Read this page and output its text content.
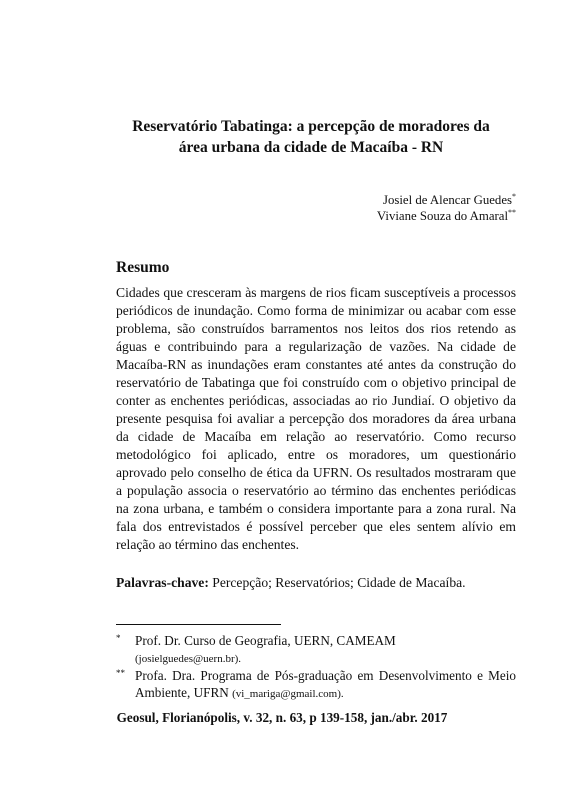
Reservatório Tabatinga: a percepção de moradores da
área urbana da cidade de Macaíba - RN
Josiel de Alencar Guedes*
Viviane Souza do Amaral**
Resumo
Cidades que cresceram às margens de rios ficam susceptíveis a processos periódicos de inundação. Como forma de minimizar ou acabar com esse problema, são construídos barramentos nos leitos dos rios retendo as águas e contribuindo para a regularização de vazões. Na cidade de Macaíba-RN as inundações eram constantes até antes da construção do reservatório de Tabatinga que foi construído com o objetivo principal de conter as enchentes periódicas, associadas ao rio Jundiaí. O objetivo da presente pesquisa foi avaliar a percepção dos moradores da área urbana da cidade de Macaíba em relação ao reservatório. Como recurso metodológico foi aplicado, entre os moradores, um questionário aprovado pelo conselho de ética da UFRN. Os resultados mostraram que a população associa o reservatório ao término das enchentes periódicas na zona urbana, e também o considera importante para a zona rural. Na fala dos entrevistados é possível perceber que eles sentem alívio em relação ao término das enchentes.
Palavras-chave: Percepção; Reservatórios; Cidade de Macaíba.
* Prof. Dr. Curso de Geografia, UERN, CAMEAM
(josielguedes@uern.br).
** Profa. Dra. Programa de Pós-graduação em Desenvolvimento e Meio Ambiente, UFRN (vi_mariga@gmail.com).
Geosul, Florianópolis, v. 32, n. 63, p 139-158, jan./abr. 2017
